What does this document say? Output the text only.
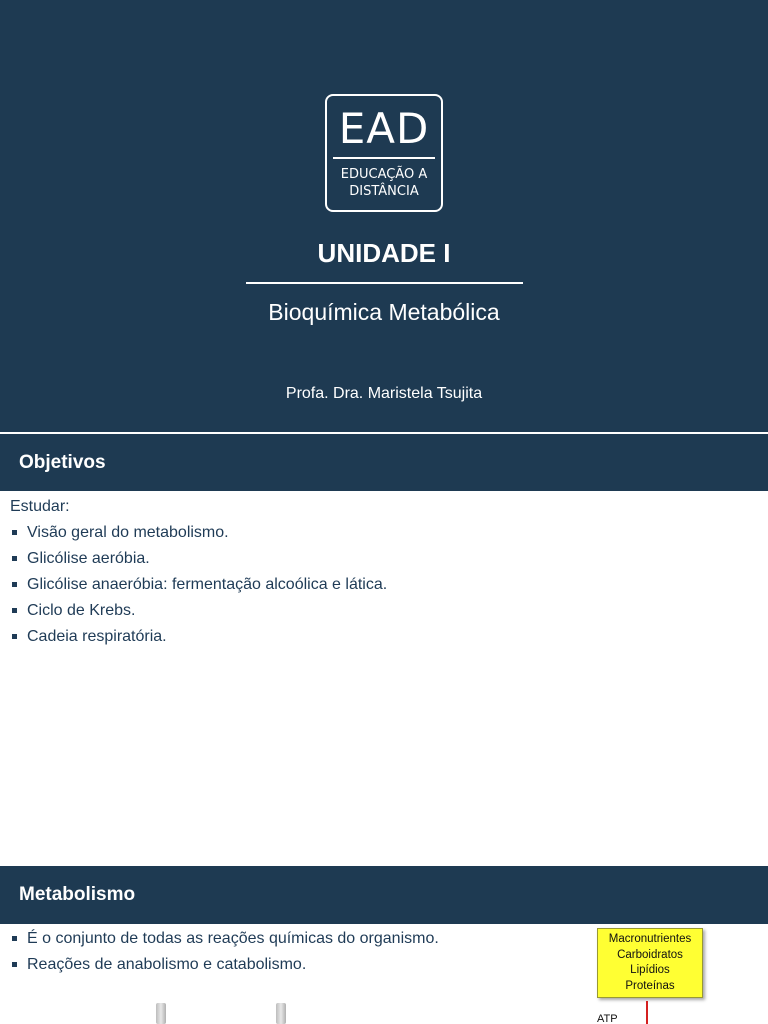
EAD
EDUCAÇÃO A
DISTÂNCIA
UNIDADE I
Bioquímica Metabólica
Profa. Dra. Maristela Tsujita
Objetivos
Estudar:
Visão geral do metabolismo.
Glicólise aeróbia.
Glicólise anaeróbia: fermentação alcoólica e lática.
Ciclo de Krebs.
Cadeia respiratória.
Metabolismo
É o conjunto de todas as reações químicas do organismo.
Reações de anabolismo e catabolismo.
Macronutrientes
Carboidratos
Lipídios
Proteínas
ATP
